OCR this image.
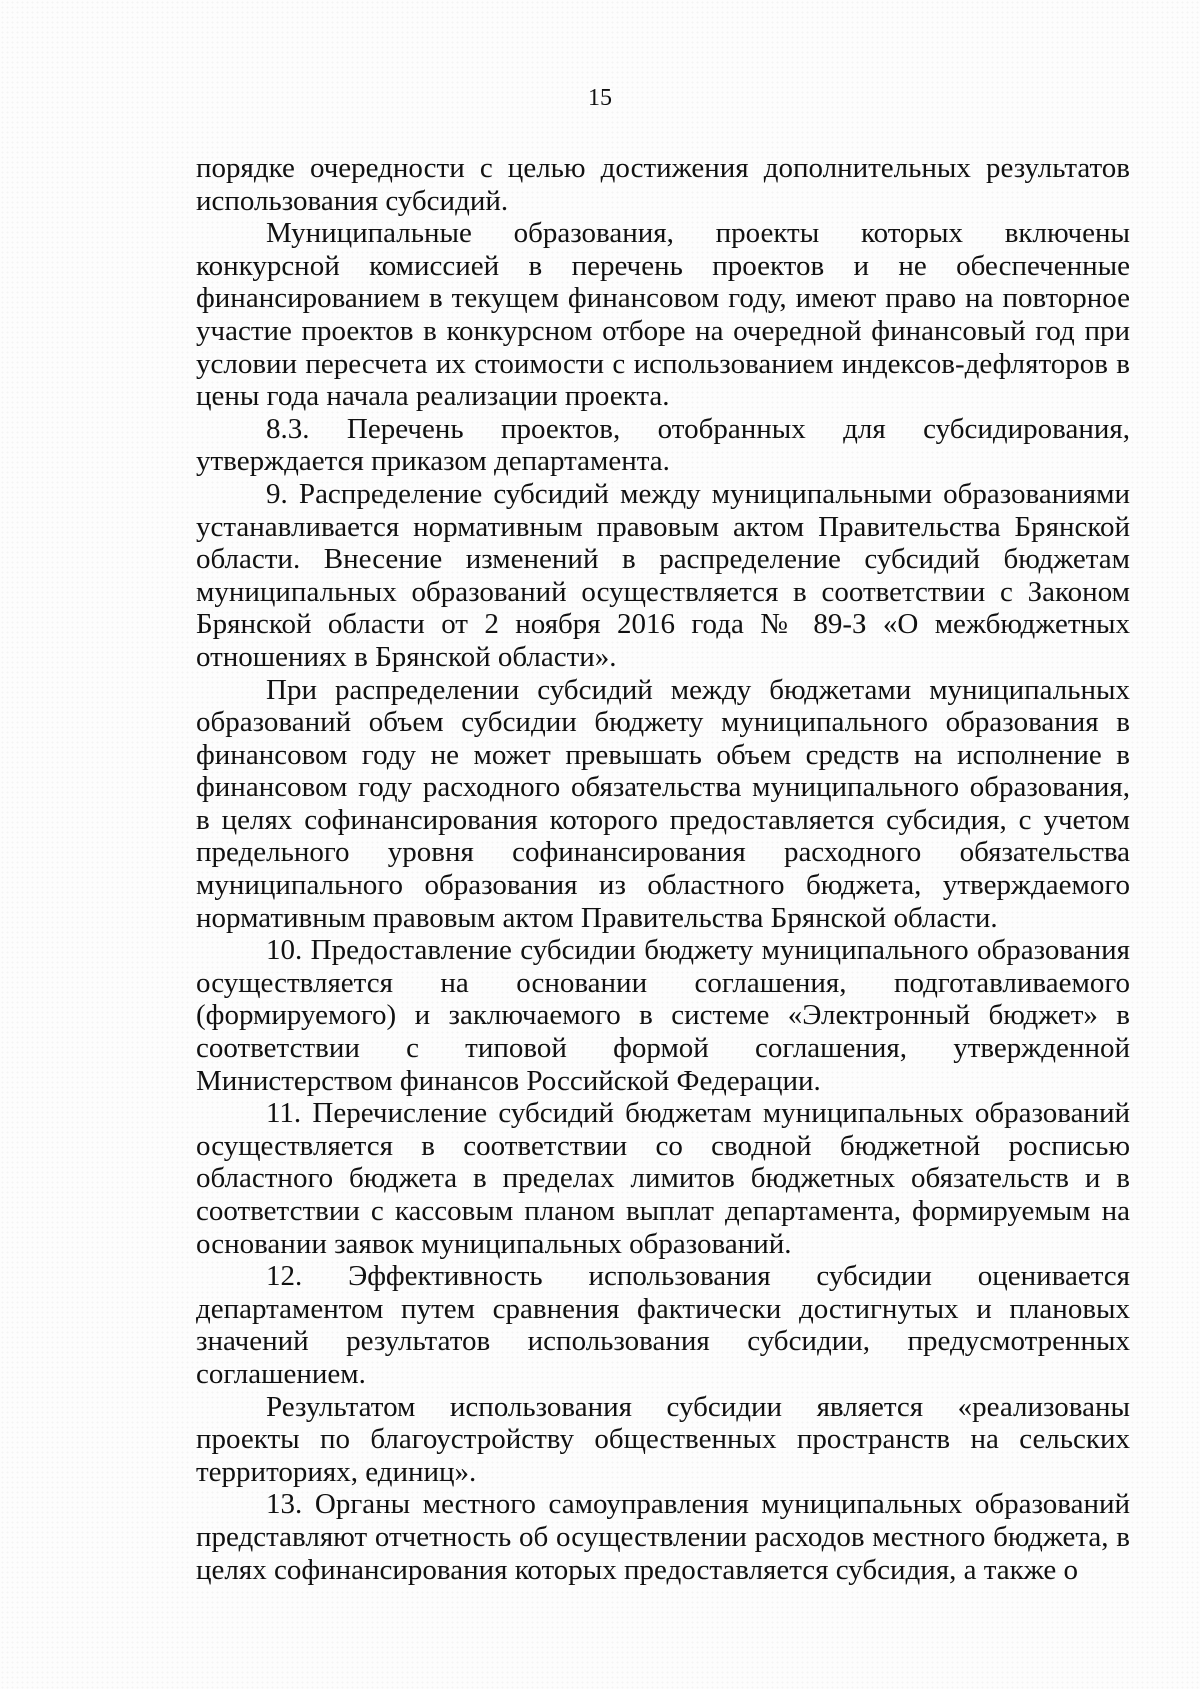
15

порядке очередности с целью достижения дополнительных результатов использования субсидий.

Муниципальные образования, проекты которых включены конкурсной комиссией в перечень проектов и не обеспеченные финансированием в текущем финансовом году, имеют право на повторное участие проектов в конкурсном отборе на очередной финансовый год при условии пересчета их стоимости с использованием индексов-дефляторов в цены года начала реализации проекта.

8.3. Перечень проектов, отобранных для субсидирования, утверждается приказом департамента.

9. Распределение субсидий между муниципальными образованиями устанавливается нормативным правовым актом Правительства Брянской области. Внесение изменений в распределение субсидий бюджетам муниципальных образований осуществляется в соответствии с Законом Брянской области от 2 ноября 2016 года № 89-З «О межбюджетных отношениях в Брянской области».

При распределении субсидий между бюджетами муниципальных образований объем субсидии бюджету муниципального образования в финансовом году не может превышать объем средств на исполнение в финансовом году расходного обязательства муниципального образования, в целях софинансирования которого предоставляется субсидия, с учетом предельного уровня софинансирования расходного обязательства муниципального образования из областного бюджета, утверждаемого нормативным правовым актом Правительства Брянской области.

10. Предоставление субсидии бюджету муниципального образования осуществляется на основании соглашения, подготавливаемого (формируемого) и заключаемого в системе «Электронный бюджет» в соответствии с типовой формой соглашения, утвержденной Министерством финансов Российской Федерации.

11. Перечисление субсидий бюджетам муниципальных образований осуществляется в соответствии со сводной бюджетной росписью областного бюджета в пределах лимитов бюджетных обязательств и в соответствии с кассовым планом выплат департамента, формируемым на основании заявок муниципальных образований.

12. Эффективность использования субсидии оценивается департаментом путем сравнения фактически достигнутых и плановых значений результатов использования субсидии, предусмотренных соглашением.

Результатом использования субсидии является «реализованы проекты по благоустройству общественных пространств на сельских территориях, единиц».

13. Органы местного самоуправления муниципальных образований представляют отчетность об осуществлении расходов местного бюджета, в целях софинансирования которых предоставляется субсидия, а также о
